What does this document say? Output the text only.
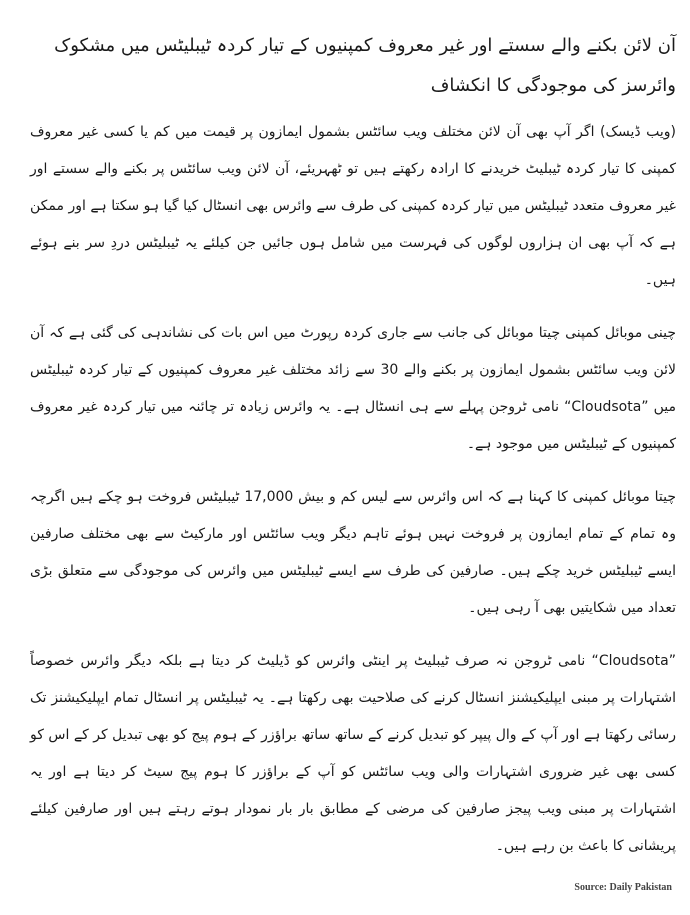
آن لائن بکنے والے سستے اور غیر معروف کمپنیوں کے تیار کردہ ٹیبلیٹس میں مشکوک وائرسز کی موجودگی کا انکشاف

(ویب ڈیسک) اگر آپ بھی آن لائن مختلف ویب سائٹس بشمول ایمازون پر قیمت میں کم یا کسی غیر معروف کمپنی کا تیار کردہ ٹیبلیٹ خریدنے کا ارادہ رکھتے ہیں تو ٹھہریئے، آن لائن ویب سائٹس پر بکنے والے سستے اور غیر معروف متعدد ٹیبلیٹس میں تیار کردہ کمپنی کی طرف سے وائرس بھی انسٹال کیا گیا ہو سکتا ہے اور ممکن ہے کہ آپ بھی ان ہزاروں لوگوں کی فہرست میں شامل ہوں جائیں جن کیلئے یہ ٹیبلیٹس دردِ سر بنے ہوئے ہیں۔

چینی موبائل کمپنی چیتا موبائل کی جانب سے جاری کردہ رپورٹ میں اس بات کی نشاندہی کی گئی ہے کہ آن لائن ویب سائٹس بشمول ایمازون پر بکنے والے 30 سے زائد مختلف غیر معروف کمپنیوں کے تیار کردہ ٹیبلیٹس میں ”Cloudsota“ نامی ٹروجن پہلے سے ہی انسٹال ہے۔ یہ وائرس زیادہ تر چائنہ میں تیار کردہ غیر معروف کمپنیوں کے ٹیبلیٹس میں موجود ہے۔

چیتا موبائل کمپنی کا کہنا ہے کہ اس وائرس سے لیس کم و بیش 17,000 ٹیبلیٹس فروخت ہو چکے ہیں اگرچہ وہ تمام کے تمام ایمازون پر فروخت نہیں ہوئے تاہم دیگر ویب سائٹس اور مارکیٹ سے بھی مختلف صارفین ایسے ٹیبلیٹس خرید چکے ہیں۔ صارفین کی طرف سے ایسے ٹیبلیٹس میں وائرس کی موجودگی سے متعلق بڑی تعداد میں شکایتیں بھی آ رہی ہیں۔

”Cloudsota“ نامی ٹروجن نہ صرف ٹیبلیٹ پر اینٹی وائرس کو ڈیلیٹ کر دیتا ہے بلکہ دیگر وائرس خصوصاً اشتہارات پر مبنی ایپلیکیشنز انسٹال کرنے کی صلاحیت بھی رکھتا ہے۔ یہ ٹیبلیٹس پر انسٹال تمام ایپلیکیشنز تک رسائی رکھتا ہے اور آپ کے وال پیپر کو تبدیل کرنے کے ساتھ ساتھ براؤزر کے ہوم پیج کو بھی تبدیل کر کے اس کو کسی بھی غیر ضروری اشتہارات والی ویب سائٹس کو آپ کے براؤزر کا ہوم پیج سیٹ کر دیتا ہے اور یہ اشتہارات پر مبنی ویب پیجز صارفین کی مرضی کے مطابق بار بار نمودار ہوتے رہتے ہیں اور صارفین کیلئے پریشانی کا باعث بن رہے ہیں۔

Source: Daily Pakistan
